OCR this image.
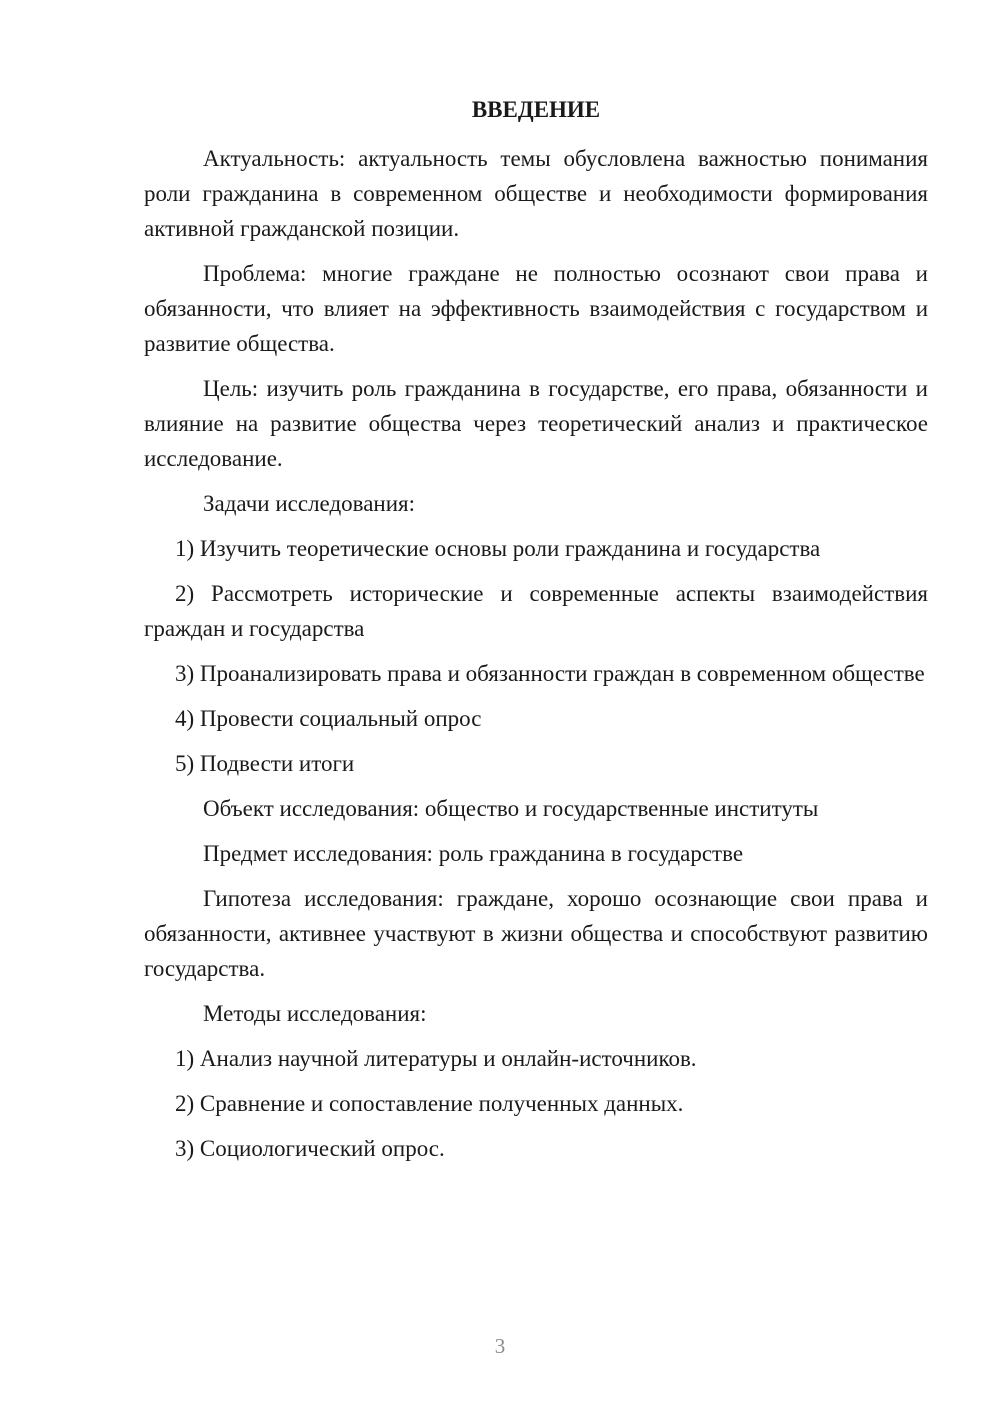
ВВЕДЕНИЕ
Актуальность: актуальность темы обусловлена важностью понимания роли гражданина в современном обществе и необходимости формирования активной гражданской позиции.
Проблема: многие граждане не полностью осознают свои права и обязанности, что влияет на эффективность взаимодействия с государством и развитие общества.
Цель: изучить роль гражданина в государстве, его права, обязанности и влияние на развитие общества через теоретический анализ и практическое исследование.
Задачи исследования:
1) Изучить теоретические основы роли гражданина и государства
2) Рассмотреть исторические и современные аспекты взаимодействия граждан и государства
3) Проанализировать права и обязанности граждан в современном обществе
4) Провести социальный опрос
5) Подвести итоги
Объект исследования: общество и государственные институты
Предмет исследования: роль гражданина в государстве
Гипотеза исследования: граждане, хорошо осознающие свои права и обязанности, активнее участвуют в жизни общества и способствуют развитию государства.
Методы исследования:
1) Анализ научной литературы и онлайн-источников.
2) Сравнение и сопоставление полученных данных.
3) Социологический опрос.
3
